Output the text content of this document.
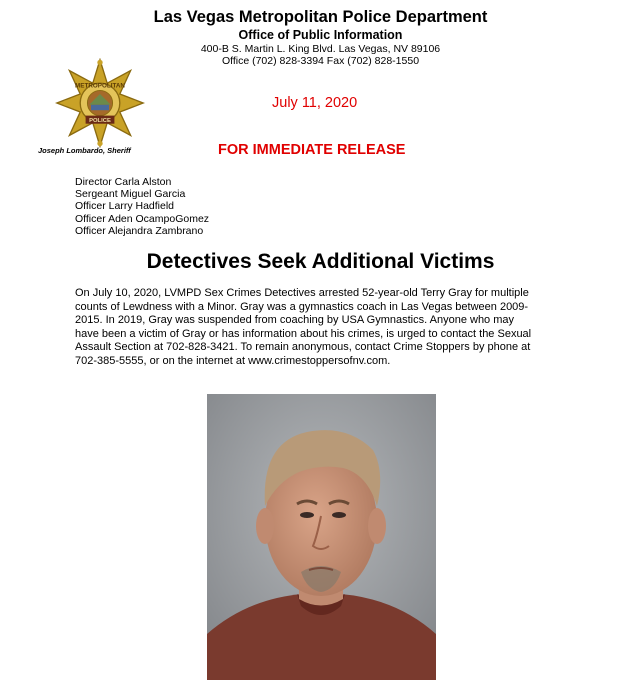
Las Vegas Metropolitan Police Department
Office of Public Information
400-B S. Martin L. King Blvd. Las Vegas, NV 89106
Office (702) 828-3394 Fax (702) 828-1550
METROPOLITAN
POLICE
Joseph Lombardo, Sheriff
July 11, 2020
FOR IMMEDIATE RELEASE
Director Carla Alston
Sergeant Miguel Garcia
Officer Larry Hadfield
Officer Aden OcampoGomez
Officer Alejandra Zambrano
Detectives Seek Additional Victims
On July 10, 2020, LVMPD Sex Crimes Detectives arrested 52-year-old Terry Gray for multiple
counts of Lewdness with a Minor. Gray was a gymnastics coach in Las Vegas between 2009-
2015. In 2019, Gray was suspended from coaching by USA Gymnastics. Anyone who may
have been a victim of Gray or has information about his crimes, is urged to contact the Sexual
Assault Section at 702-828-3421. To remain anonymous, contact Crime Stoppers by phone at
702-385-5555, or on the internet at www.crimestoppersofnv.com.
